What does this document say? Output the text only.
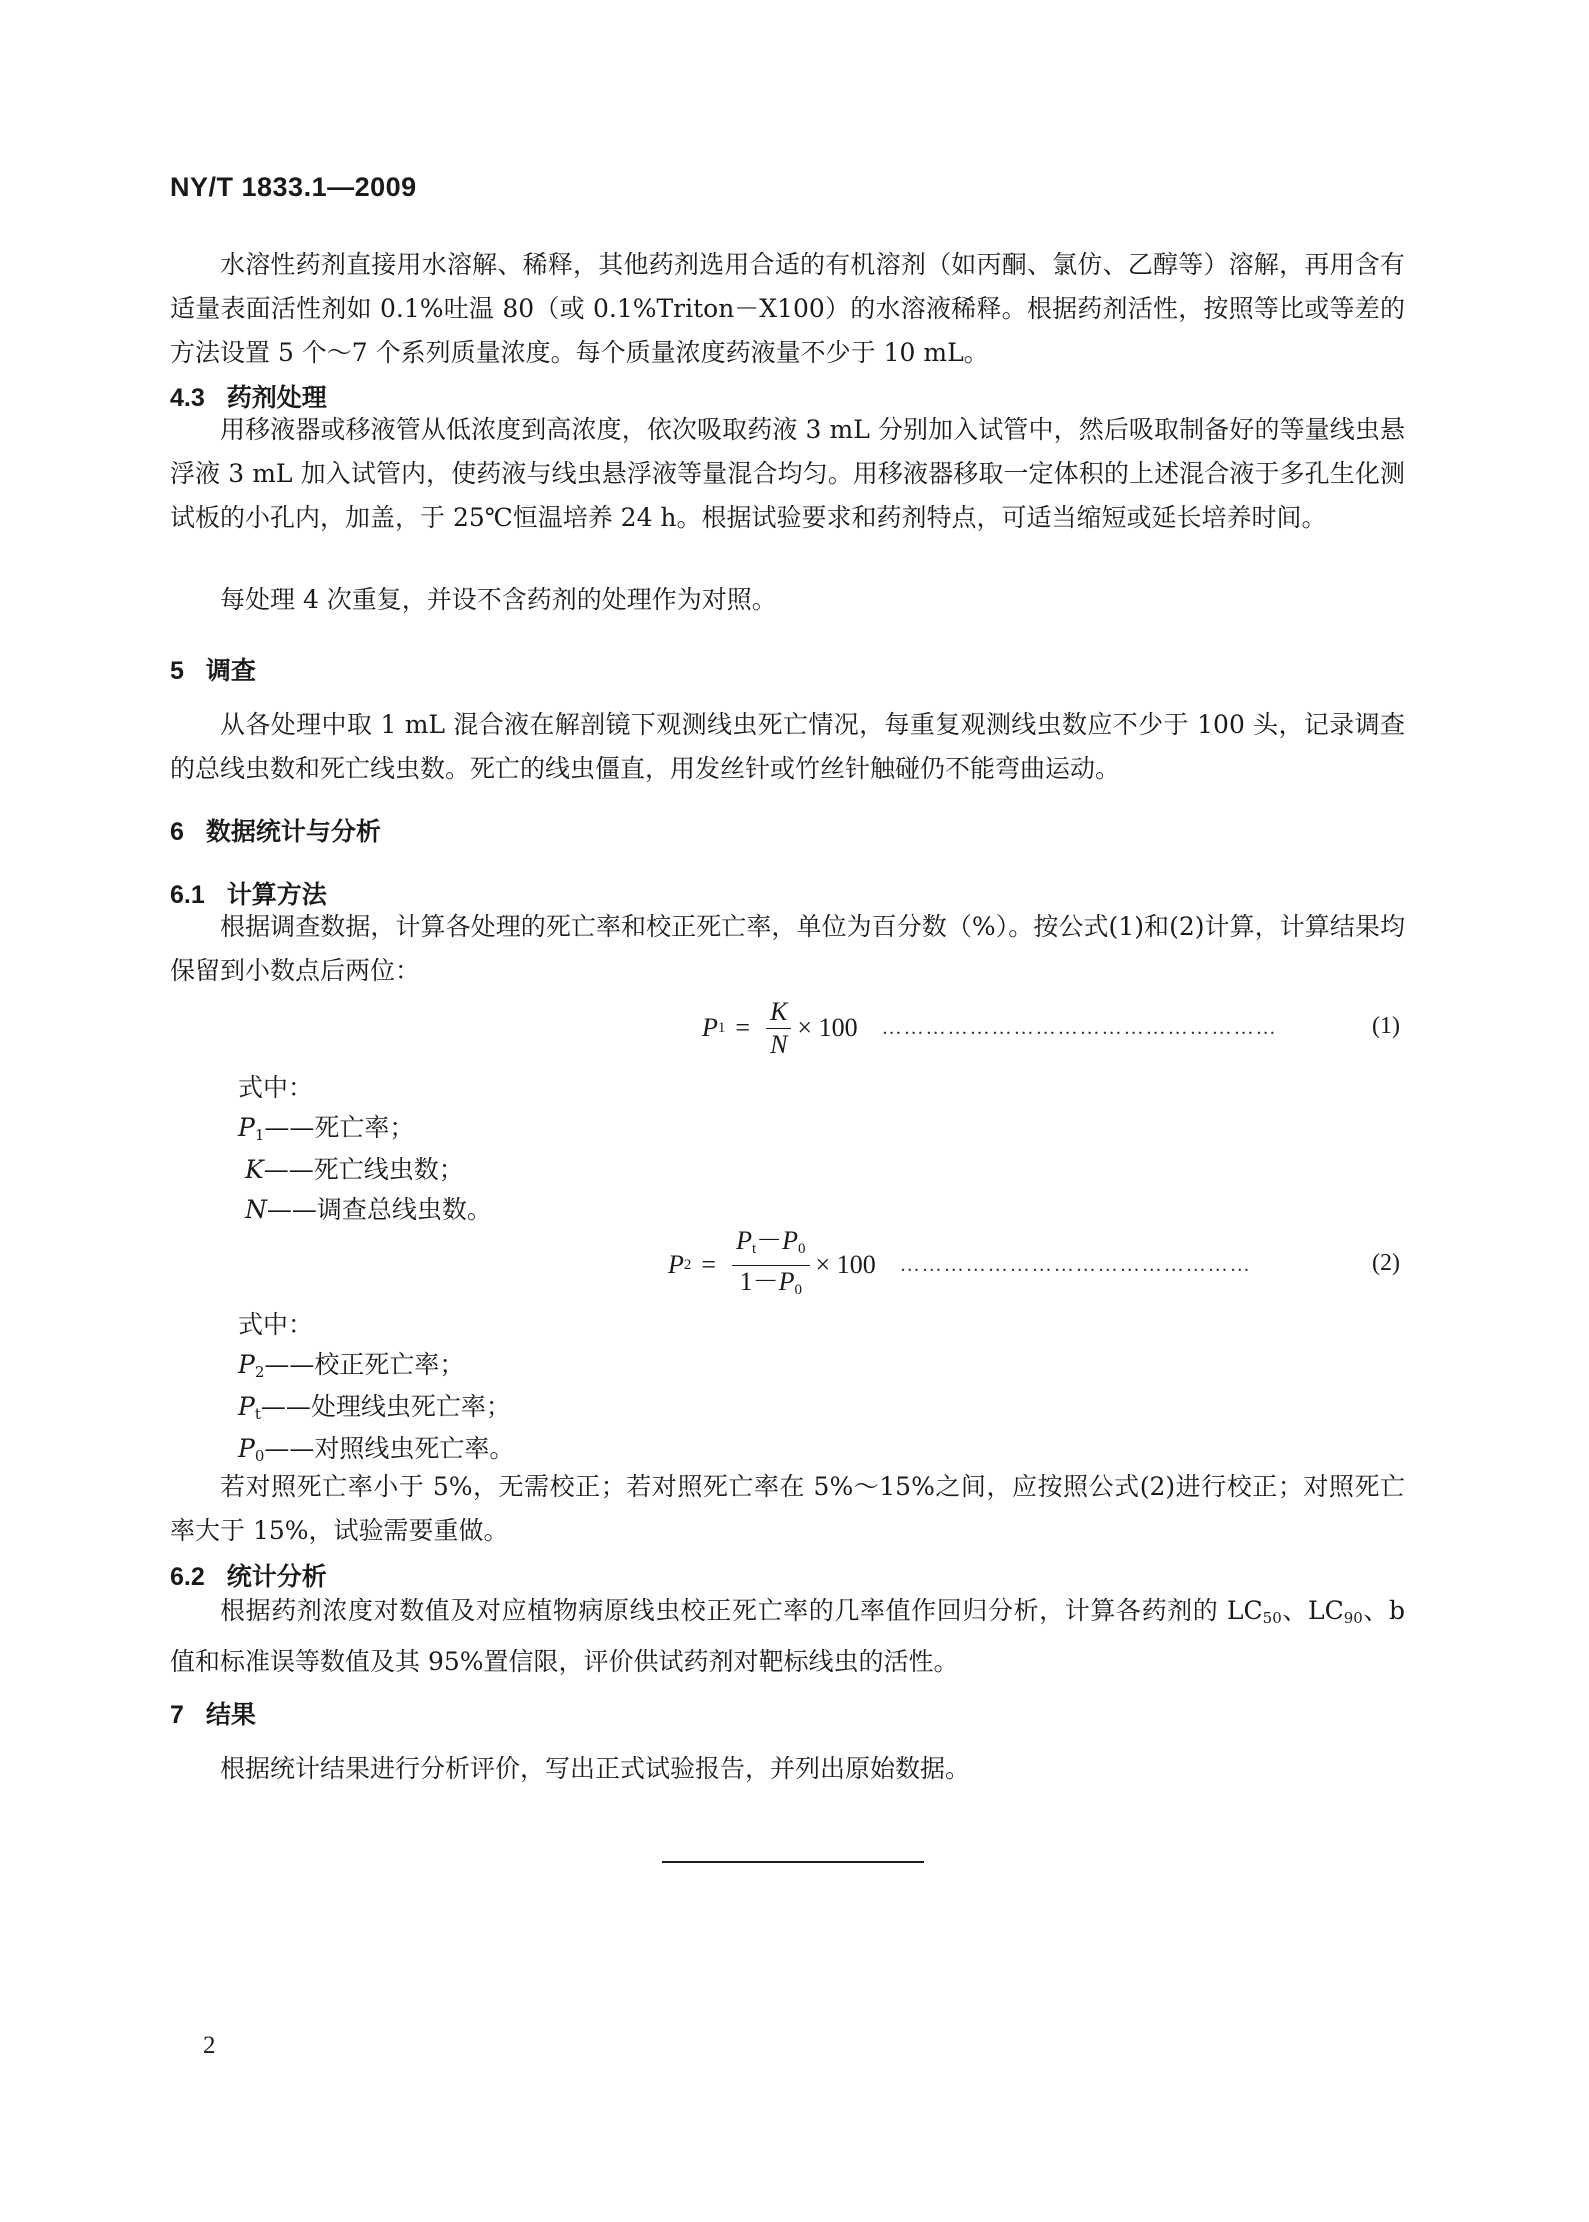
NY/T 1833.1—2009
水溶性药剂直接用水溶解、稀释，其他药剂选用合适的有机溶剂（如丙酮、氯仿、乙醇等）溶解，再用含有适量表面活性剂如 0.1%吐温 80（或 0.1%Triton－X100）的水溶液稀释。根据药剂活性，按照等比或等差的方法设置 5 个～7 个系列质量浓度。每个质量浓度药液量不少于 10 mL。
4.3 药剂处理
用移液器或移液管从低浓度到高浓度，依次吸取药液 3 mL 分别加入试管中，然后吸取制备好的等量线虫悬浮液 3 mL 加入试管内，使药液与线虫悬浮液等量混合均匀。用移液器移取一定体积的上述混合液于多孔生化测试板的小孔内，加盖，于 25℃恒温培养 24 h。根据试验要求和药剂特点，可适当缩短或延长培养时间。
每处理 4 次重复，并设不含药剂的处理作为对照。
5 调查
从各处理中取 1 mL 混合液在解剖镜下观测线虫死亡情况，每重复观测线虫数应不少于 100 头，记录调查的总线虫数和死亡线虫数。死亡的线虫僵直，用发丝针或竹丝针触碰仍不能弯曲运动。
6 数据统计与分析
6.1 计算方法
根据调查数据，计算各处理的死亡率和校正死亡率，单位为百分数（%）。按公式(1)和(2)计算，计算结果均保留到小数点后两位：
P $1 = \frac{K}{N} \times 100$ ………………………………………………	(1)
式中：
$P_1——$死亡率；
K——死亡线虫数；
N——调查总线虫数。
P $2 = \frac{P_t-P_0}{1-P_0} \times 100$ …………………………………………	(2)
式中：
$P_2——$校正死亡率；
$P_t——$处理线虫死亡率；
$P_0——$对照线虫死亡率。
若对照死亡率小于 5%，无需校正；若对照死亡率在 5%～15%之间，应按照公式(2)进行校正；对照死亡率大于 15%，试验需要重做。
6.2 统计分析
根据药剂浓度对数值及对应植物病原线虫校正死亡率的几率值作回归分析，计算各药剂的 $LC_{50}$、$LC_{90}$、b 值和标准误等数值及其 95%置信限，评价供试药剂对靶标线虫的活性。
7 结果
根据统计结果进行分析评价，写出正式试验报告，并列出原始数据。
2
